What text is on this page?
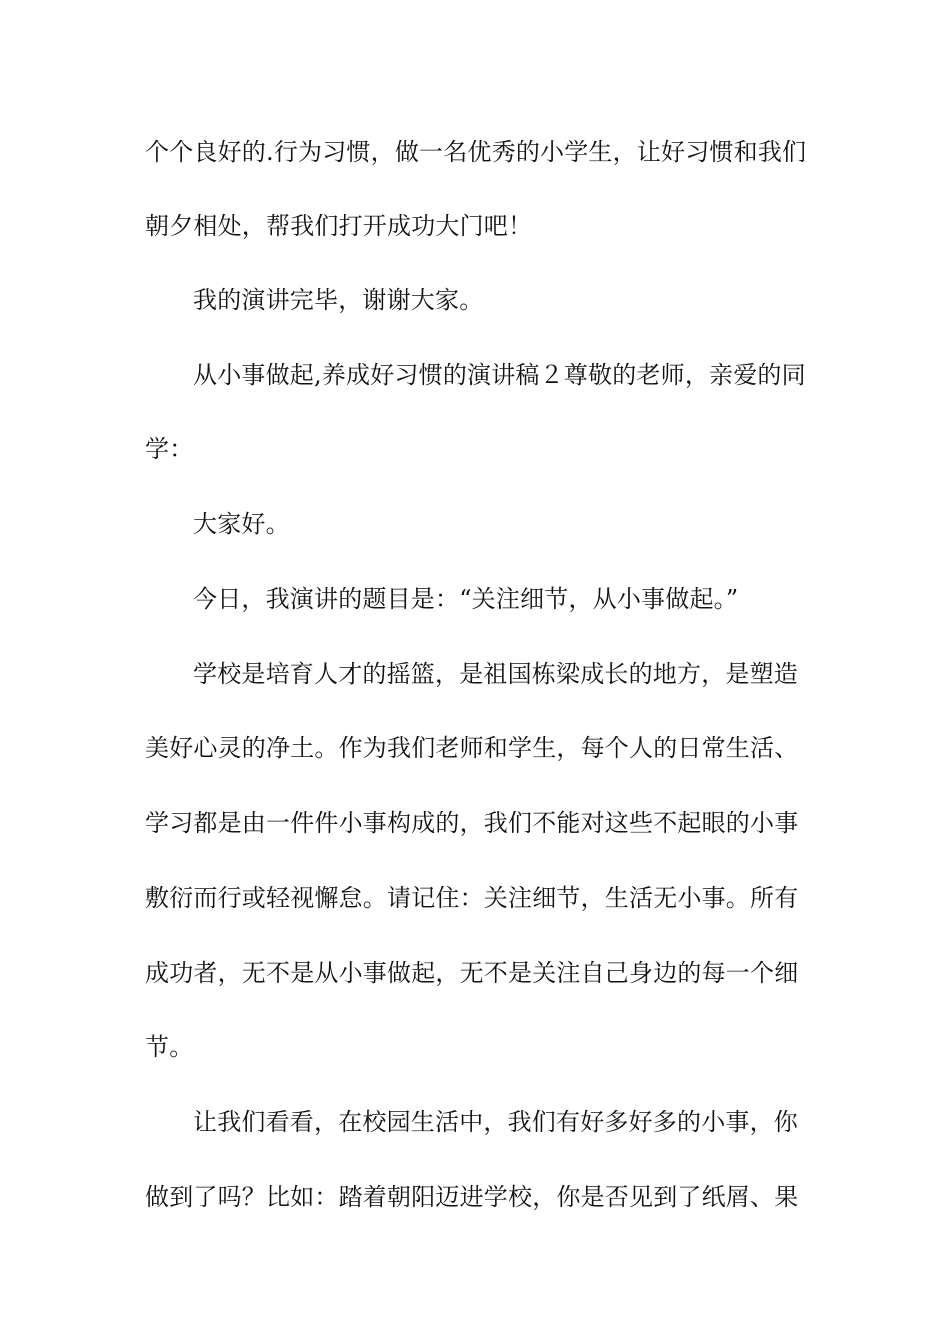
个个良好的.行为习惯，做一名优秀的小学生，让好习惯和我们
朝夕相处，帮我们打开成功大门吧！
我的演讲完毕，谢谢大家。
从小事做起,养成好习惯的演讲稿２尊敬的老师，亲爱的同
学：
大家好。
今日，我演讲的题目是：“关注细节，从小事做起。”
学校是培育人才的摇篮，是祖国栋梁成长的地方，是塑造
美好心灵的净土。作为我们老师和学生，每个人的日常生活、
学习都是由一件件小事构成的，我们不能对这些不起眼的小事
敷衍而行或轻视懈怠。请记住：关注细节，生活无小事。所有
成功者，无不是从小事做起，无不是关注自己身边的每一个细
节。
让我们看看，在校园生活中，我们有好多好多的小事，你
做到了吗？比如：踏着朝阳迈进学校，你是否见到了纸屑、果
